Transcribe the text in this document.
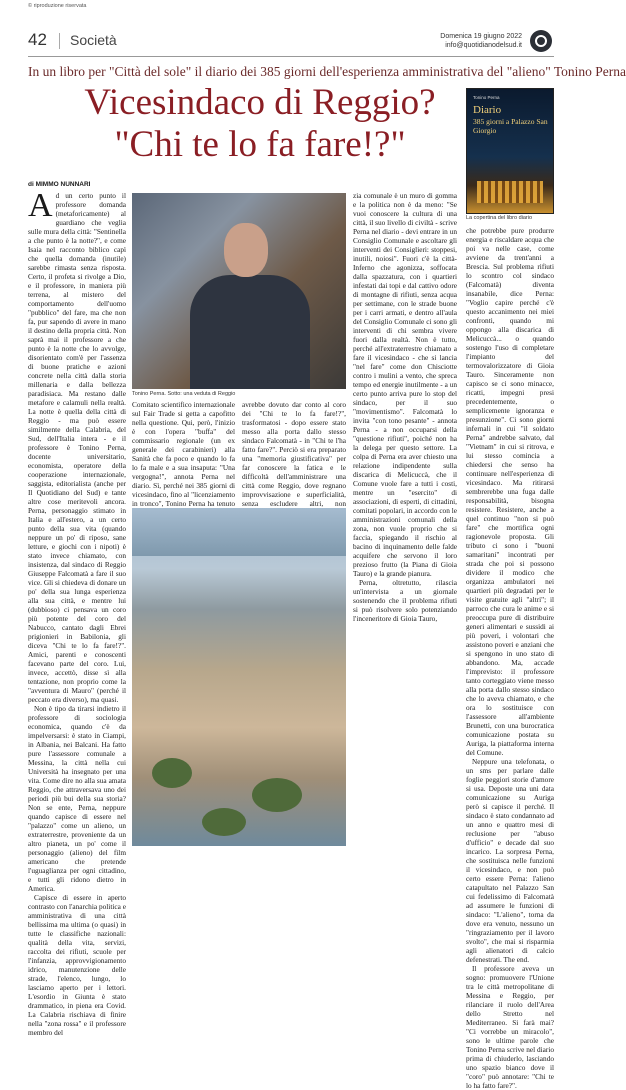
© riproduzione riservata
42 Società	Domenica 19 giugno 2022
info@quotidianodelsud.it
In un libro per "Città del sole" il diario dei 385 giorni dell'esperienza amministrativa del "alieno" Tonino Perna
Vicesindaco di Reggio?
"Chi te lo fa fare!?"
Tonino Perna
Diario
385 giorni a Palazzo San Giorgio
La copertina del libro diario
di MIMMO NUNNARI

Ad un certo punto il professore domanda (metaforicamente) al guardiano che veglia sulle mura della città: "Sentinella a che punto è la notte?", e come Isaia nel racconto biblico capì che quella domanda (inutile) sarebbe rimasta senza risposta. Certo, il profeta si rivolge a Dio, e il professore, in maniera più terrena, al mistero del comportamento dell'uomo "pubblico" del fare, ma che non fa, pur sapendo di avere in mano il destino della propria città. Non saprà mai il professore a che punto è la notte che lo avvolge, disorientato com'è per l'assenza di buone pratiche e azioni concrete nella città dalla storia millenaria e dalla bellezza paradisiaca. Ma restano dalle metafore e calamuli nella realtà. La notte è quella della città di Reggio - ma può essere similmente della Calabria, del Sud, dell'Italia intera - e il professore è Tonino Perna, docente universitario, economista, operatore della cooperazione internazionale, saggista, editorialista (anche per Il Quotidiano del Sud) e tante altre cose meritevoli ancora. Perna, personaggio stimato in Italia e all'estero, a un certo punto della sua vita (quando neppure un po' di riposo, sane letture, e giochi con i nipoti) è stato invece chiamato, con insistenza, dal sindaco di Reggio Giuseppe Falcomatà a fare il suo vice. Gli si chiedeva di donare un po' della sua lunga esperienza alla sua città, e mentre lui (dubbioso) ci pensava un coro più potente del coro del Nabucco, cantato dagli Ebrei prigionieri in Babilonia, gli diceva "Chi te lo fa fare!?". Amici, parenti e conoscenti facevano parte del coro. Lui, invece, accettò, disse sì alla tentazione, non proprio come la "avventura di Mauro" (perché il peccato era diverso), ma quasi.

Non è tipo da tirarsi indietro il professore di sociologia economica, quando c'è da impelversarsi: è stato in Ciampi, in Albania, nei Balcani. Ha fatto pure l'assessore comunale a Messina, la città nella cui Università ha insegnato per una vita. Come dire no alla sua amata Reggio, che attraversava uno dei periodi più bui della sua storia? Non se ente, Perna, neppure quando capisce di essere nel "palazzo" come un alieno, un extraterrestre, proveniente da un altro pianeta, un po' come il personaggio (alieno) del film americano che pretende l'uguaglianza per ogni cittadino, e tutti gli ridono dietro in America.

Capisce di essere in aperto contrasto con l'anarchia politica e amministrativa di una città bellissima ma ultima (o quasi) in tutte le classifiche nazionali: qualità della vita, servizi, raccolta dei rifiuti, scuole per l'infanzia, approvvigionamento idrico, manutenzione delle strade, l'elenco, lungo, lo lasciamo aperto per i lettori. L'esordio in Giunta è stato drammatico, in piena era Covid. La Calabria rischiava di finire nella "zona rossa" e il professore membro del

Tonino Perna. Sotto: una veduta di Reggio

Comitato scientifico internazionale sul Fair Trade si getta a capofitto nella questione. Qui, però, l'inizio è con l'opera "buffa" del commissario regionale (un ex generale dei carabinieri) alla Sanità che fa poco e quando lo fa lo fa male e a sua insaputa: "Una vergogna!", annota Perna nel diario. Sì, perché nei 385 giorni di vicesindaco, fino al "licenziamento in tronco", Tonino Perna ha tenuto

avrebbe dovuto dar conto al coro dei "Chi te lo fa fare!?", trasformatosi - dopo essere stato messo alla porta dallo stesso sindaco Falcomatà - in "Chi te l'ha fatto fare?". Perciò si era preparato una "memoria giustificativa" per far conoscere la fatica e le difficoltà dell'amministrare una città come Reggio, dove regnano improvvisazione e superficialità, senza escludere altri, non

zia comunale è un muro di gomma e la politica non è da meno: "Se vuoi conoscere la cultura di una città, il suo livello di civiltà - scrive Perna nel diario - devi entrare in un Consiglio Comunale e ascoltare gli interventi dei Consiglieri: stoppesi, inutili, noiosi". Fuori c'è la città-Inferno che agonizza, soffocata dalla spazzatura, con i quartieri infestati dai topi e dal cattivo odore di montagne di rifiuti, senza acqua per settimane, con le strade buone per i carri armati, e dentro all'aula del Consiglio Comunale ci sono gli interventi di chi sembra vivere fuori dalla realtà. Non è tutto, perché all'extraterrestre chiamato a fare il vicesindaco - che si lancia "nel fare" come don Chisciotte contro i mulini a vento, che spreca tempo ed energie inutilmente - a un certo punto arriva pure lo stop del sindaco, per il suo "movimentismo". Falcomatà lo invita "con tono pesante" - annota Perna - a non occuparsi della "questione rifiuti", poiché non ha la delega per questo settore. La colpa di Perna era aver chiesto una relazione indipendente sulla discarica di Melicuccà, che il Comune vuole fare a tutti i costi, mentre un "esercito" di associazioni, di esperti, di cittadini, comitati popolari, in accordo con le amministrazioni comunali della zona, non vuole proprio che si faccia, spiegando il rischio al bacino di inquinamento delle falde acquifere che servono il loro prezioso frutto (la Piana di Gioia Tauro) e la grande pianura.

Perna, oltretutto, rilascia un'intervista a un giornale sostenendo che il problema rifiuti si può risolvere solo potenziando l'inceneritore di Gioia Tauro,

che potrebbe pure produrre energia e riscaldare acqua che poi va nelle case, come avviene da trent'anni a Brescia. Sul problema rifiuti lo scontro col sindaco (Falcomatà) diventa insanabile, dice Perna: "Voglio capire perché c'è questo accanimento nei miei confronti, quando mi oppongo alla discarica di Melicuccà... o quando sostengo l'uso di completare l'impianto del termovalorizzatore di Gioia Tauro. Sinceramente non capisco se ci sono minacce, ricatti, impegni presi precedentemente, o semplicemente ignoranza e presunzione". Ci sono giorni infernali in cui "il soldato Perna" andrebbe salvato, dal "Vietnam" in cui si ritrova, e lui stesso comincia a chiedersi che senso ha continuare nell'esperienza di vicesindaco. Ma ritirarsi sembrerebbe una fuga dalle responsabilità, bisogna resistere. Resistere, anche a quel continuo "non si può fare" che mortifica ogni ragionevole proposta. Gli tributo ci sono i "buoni samaritani" incontrati per strada che poi si possono dividere il modico che organizza ambulatori nei quartieri più degradati per le visite gratuite agli "altri"; il parroco che cura le anime e si preoccupa pure di distribuire generi alimentari e sussidi ai più poveri, i volontari che assistono poveri e anziani che si spengono in uno stato di abbandono. Ma, accade l'imprevisto: il professore tanto corteggiato viene messo alla porta dallo stesso sindaco che lo aveva chiamato, e che ora lo sostituisce con l'assessore all'ambiente Brunetti, con una burocratica comunicazione postata su Auriga, la piattaforma interna del Comune.

Neppure una telefonata, o un sms per parlare dalle foglie peggiori storie d'amore si usa. Deposte una uni data comunicazione su Auriga però si capisce il perché. Il sindaco è stato condannato ad un anno e quattro mesi di reclusione per "abuso d'ufficio" e decade dal suo incarico. La sorpresa Perna, che sostituisca nelle funzioni il vicesindaco, e non può certo essere Perna: l'alieno catapultato nel Palazzo San cui fedelissimo di Falcomatà ad assumere le funzioni di sindaco: "L'alieno", torna da dove era venuto, nessuno un "ringraziamento per il lavoro svolto", che mai si risparmia agli alienatori di calcio defenestrati. The end.

Il professore aveva un sogno: promuovere l'Unione tra le città metropolitane di Messina e Reggio, per rilanciare il ruolo dell'Area dello Stretto nel Mediterraneo. Si farà mai? "Ci vorrebbe un miracolo", sono le ultime parole che Tonino Perna scrive nel diario prima di chiuderlo, lasciando uno spazio bianco dove il "coro" può annotare: "Chi te lo ha fatto fare?".
